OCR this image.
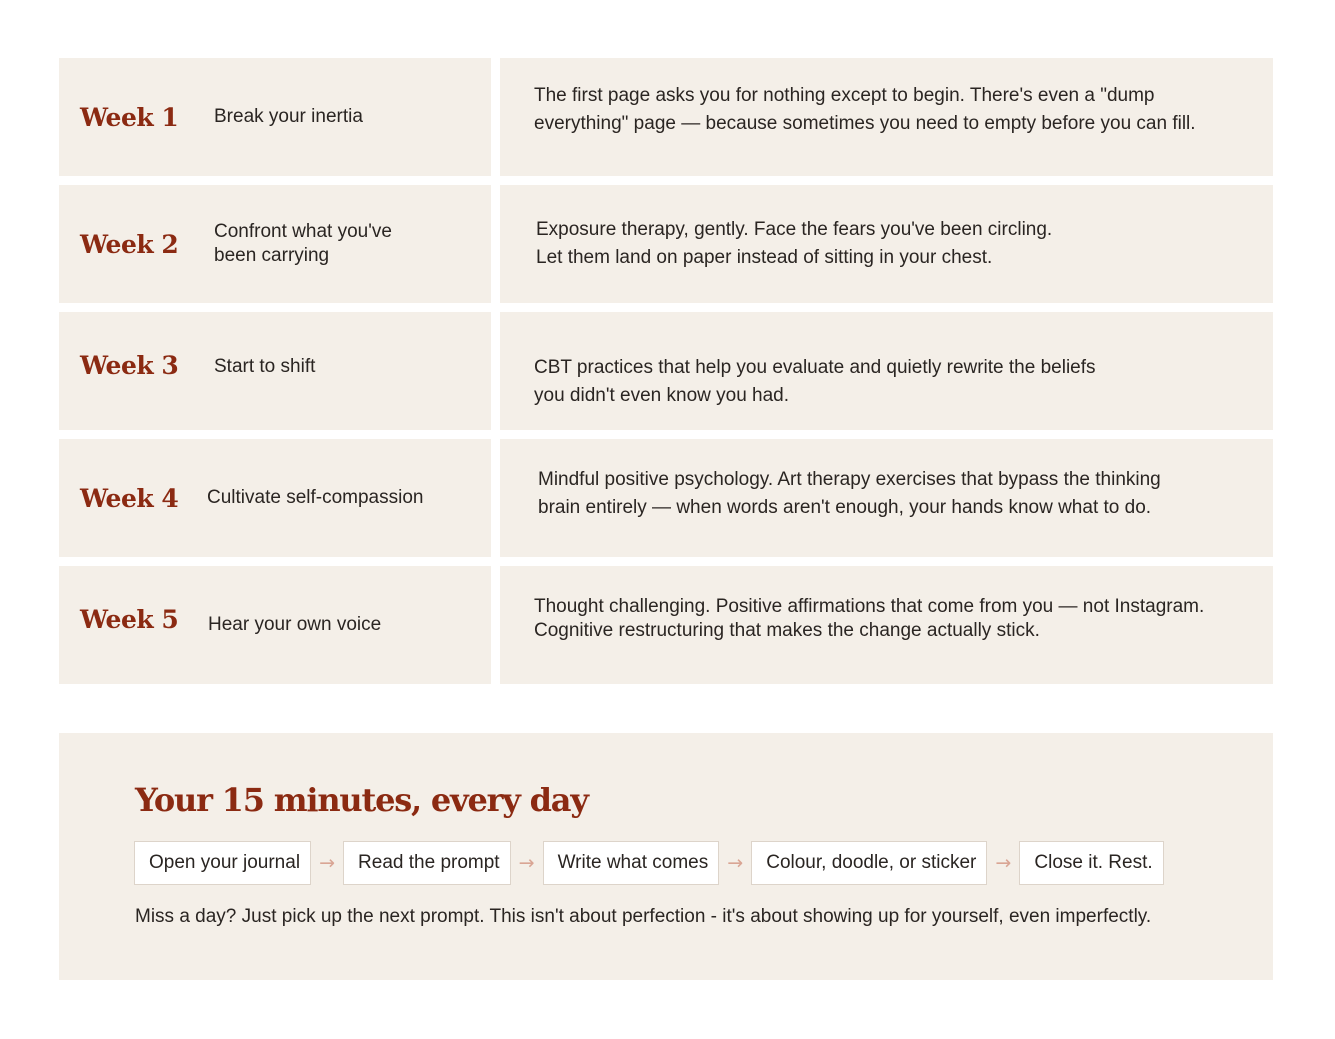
Week 1 Break your inertia
The first page asks you for nothing except to begin. There's even a "dump
everything" page — because sometimes you need to empty before you can fill.
Week 2 Confront what you've been carrying
Exposure therapy, gently. Face the fears you've been circling.
Let them land on paper instead of sitting in your chest.
Week 3 Start to shift	CBT practices that help you evaluate and quietly rewrite the beliefs
you didn't even know you had.
Week 4 Cultivate self-compassion
Mindful positive psychology. Art therapy exercises that bypass the thinking
brain entirely — when words aren't enough, your hands know what to do.
Week 5 Hear your own voice
Thought challenging. Positive affirmations that come from you — not Instagram.
Cognitive restructuring that makes the change actually stick.
Your 15 minutes, every day
Open your journal	→	Read the prompt	→	Write what comes	→	Colour, doodle, or sticker	→	Close it. Rest.
Miss a day? Just pick up the next prompt. This isn't about perfection - it's about showing up for yourself, even imperfectly.
